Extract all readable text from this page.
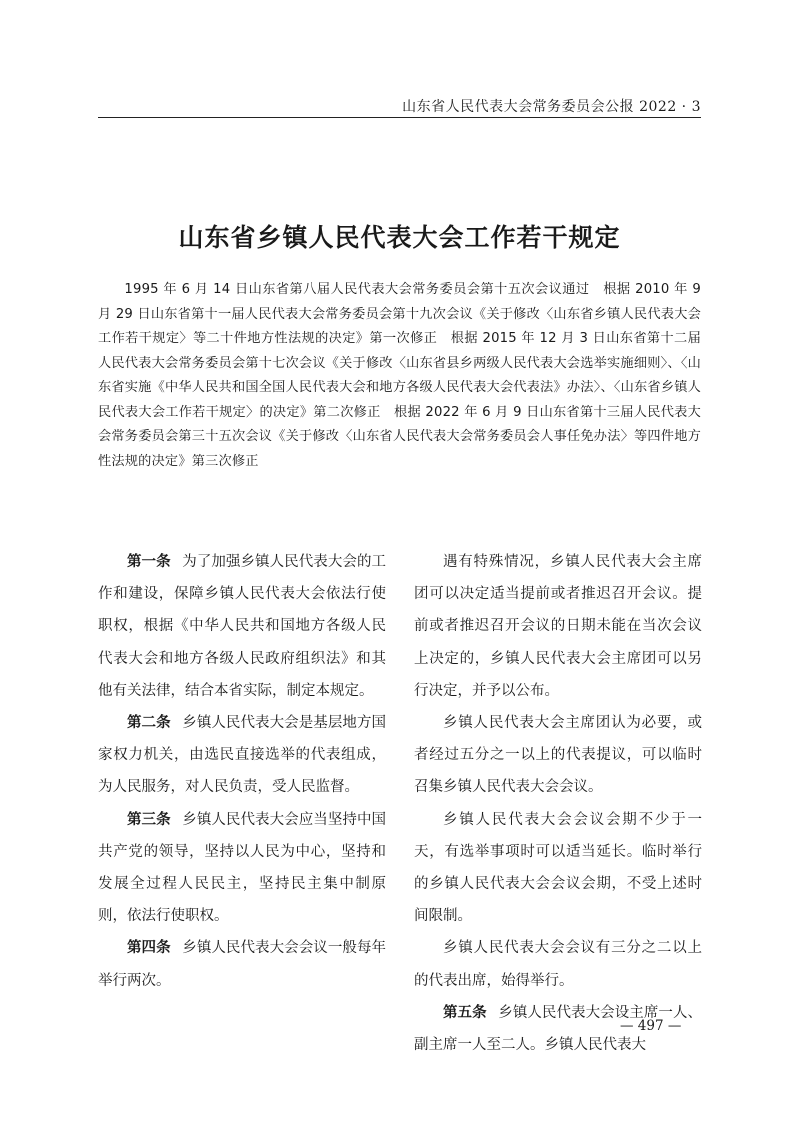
山东省人民代表大会常务委员会公报 2022 · 3
山东省乡镇人民代表大会工作若干规定
1995 年 6 月 14 日山东省第八届人民代表大会常务委员会第十五次会议通过　根据 2010 年 9 月 29 日山东省第十一届人民代表大会常务委员会第十九次会议《关于修改〈山东省乡镇人民代表大会工作若干规定〉等二十件地方性法规的决定》第一次修正　根据 2015 年 12 月 3 日山东省第十二届人民代表大会常务委员会第十七次会议《关于修改〈山东省县乡两级人民代表大会选举实施细则〉、〈山东省实施《中华人民共和国全国人民代表大会和地方各级人民代表大会代表法》办法〉、〈山东省乡镇人民代表大会工作若干规定〉的决定》第二次修正　根据 2022 年 6 月 9 日山东省第十三届人民代表大会常务委员会第三十五次会议《关于修改〈山东省人民代表大会常务委员会人事任免办法〉等四件地方性法规的决定》第三次修正

第一条 为了加强乡镇人民代表大会的工作和建设，保障乡镇人民代表大会依法行使职权，根据《中华人民共和国地方各级人民代表大会和地方各级人民政府组织法》和其他有关法律，结合本省实际，制定本规定。

第二条 乡镇人民代表大会是基层地方国家权力机关，由选民直接选举的代表组成，为人民服务，对人民负责，受人民监督。

第三条 乡镇人民代表大会应当坚持中国共产党的领导，坚持以人民为中心，坚持和发展全过程人民民主，坚持民主集中制原则，依法行使职权。

第四条 乡镇人民代表大会会议一般每年举行两次。

遇有特殊情况，乡镇人民代表大会主席团可以决定适当提前或者推迟召开会议。提前或者推迟召开会议的日期未能在当次会议上决定的，乡镇人民代表大会主席团可以另行决定，并予以公布。

乡镇人民代表大会主席团认为必要，或者经过五分之一以上的代表提议，可以临时召集乡镇人民代表大会会议。

乡镇人民代表大会会议会期不少于一天，有选举事项时可以适当延长。临时举行的乡镇人民代表大会会议会期，不受上述时间限制。

乡镇人民代表大会会议有三分之二以上的代表出席，始得举行。

第五条 乡镇人民代表大会设主席一人、副主席一人至二人。乡镇人民代表大

— 497 —
